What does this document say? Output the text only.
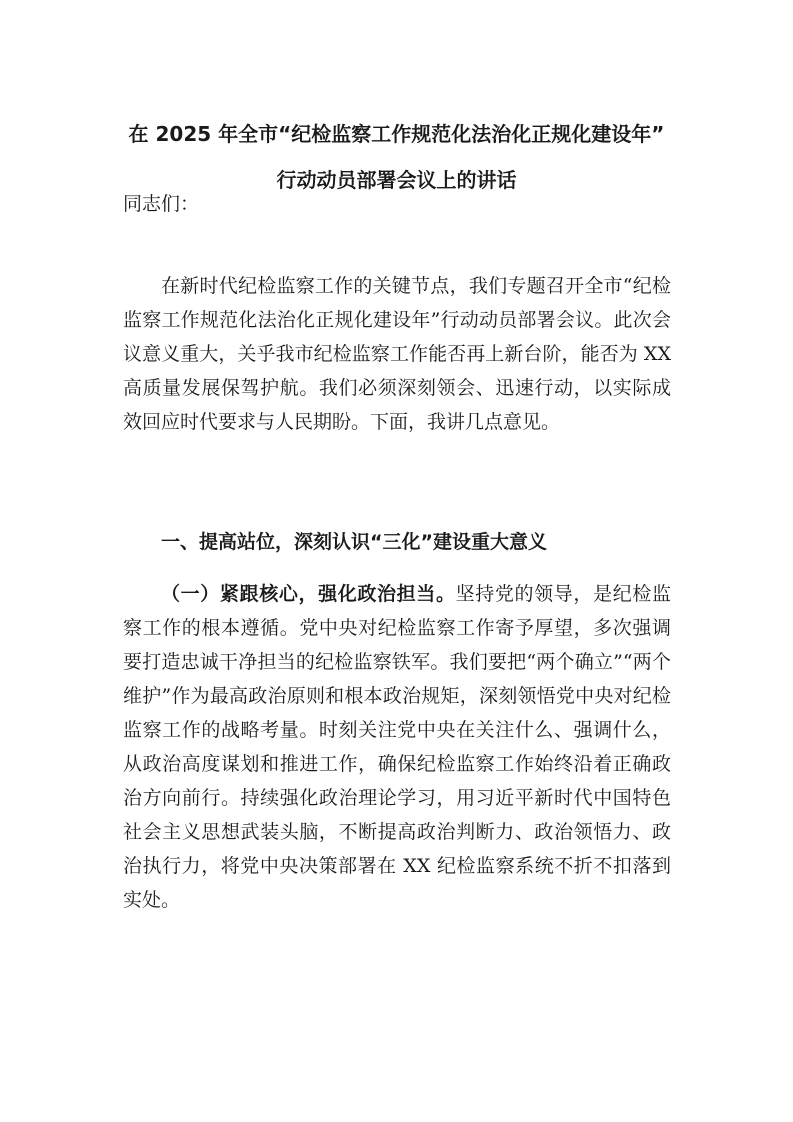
在 2025 年全市“纪检监察工作规范化法治化正规化建设年”
行动动员部署会议上的讲话

同志们：

在新时代纪检监察工作的关键节点，我们专题召开全市“纪检监察工作规范化法治化正规化建设年”行动动员部署会议。此次会议意义重大，关乎我市纪检监察工作能否再上新台阶，能否为 XX 高质量发展保驾护航。我们必须深刻领会、迅速行动，以实际成效回应时代要求与人民期盼。下面，我讲几点意见。

一、提高站位，深刻认识“三化”建设重大意义

（一）紧跟核心，强化政治担当。坚持党的领导，是纪检监察工作的根本遵循。党中央对纪检监察工作寄予厚望，多次强调要打造忠诚干净担当的纪检监察铁军。我们要把“两个确立”“两个维护”作为最高政治原则和根本政治规矩，深刻领悟党中央对纪检监察工作的战略考量。时刻关注党中央在关注什么、强调什么，从政治高度谋划和推进工作，确保纪检监察工作始终沿着正确政治方向前行。持续强化政治理论学习，用习近平新时代中国特色社会主义思想武装头脑，不断提高政治判断力、政治领悟力、政治执行力，将党中央决策部署在 XX 纪检监察系统不折不扣落到实处。
